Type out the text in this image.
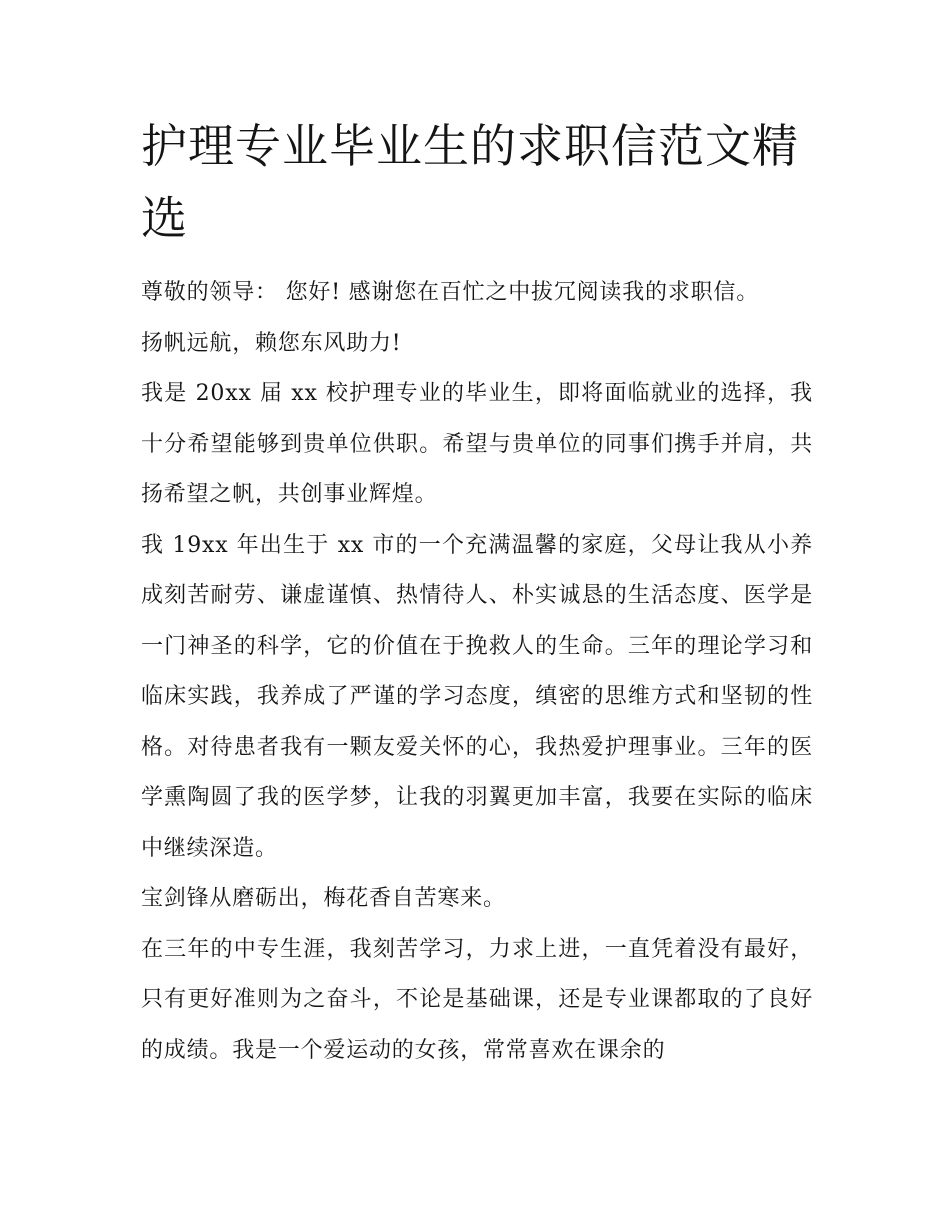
护理专业毕业生的求职信范文精选

尊敬的领导： 您好! 感谢您在百忙之中拔冗阅读我的求职信。

扬帆远航，赖您东风助力!

我是 20xx 届 xx 校护理专业的毕业生，即将面临就业的选择，我十分希望能够到贵单位供职。希望与贵单位的同事们携手并肩，共扬希望之帆，共创事业辉煌。

我 19xx 年出生于 xx 市的一个充满温馨的家庭，父母让我从小养成刻苦耐劳、谦虚谨慎、热情待人、朴实诚恳的生活态度、医学是一门神圣的科学，它的价值在于挽救人的生命。三年的理论学习和临床实践，我养成了严谨的学习态度，缜密的思维方式和坚韧的性格。对待患者我有一颗友爱关怀的心，我热爱护理事业。三年的医学熏陶圆了我的医学梦，让我的羽翼更加丰富，我要在实际的临床中继续深造。

宝剑锋从磨砺出，梅花香自苦寒来。

在三年的中专生涯，我刻苦学习，力求上进，一直凭着没有最好，只有更好准则为之奋斗，不论是基础课，还是专业课都取的了良好的成绩。我是一个爱运动的女孩，常常喜欢在课余的
